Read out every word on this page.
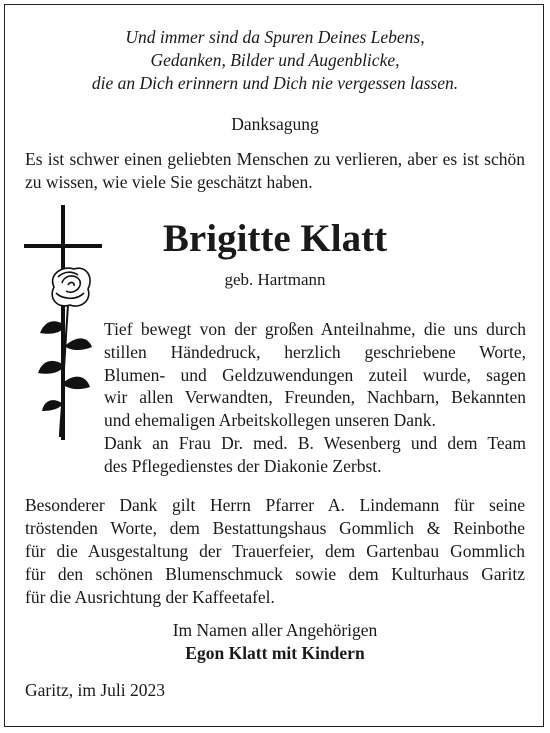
Und immer sind da Spuren Deines Lebens,
Gedanken, Bilder und Augenblicke,
die an Dich erinnern und Dich nie vergessen lassen.
Danksagung
Es ist schwer einen geliebten Menschen zu verlieren, aber es ist schön zu wissen, wie viele Sie geschätzt haben.
Brigitte Klatt
geb. Hartmann
Tief bewegt von der großen Anteilnahme, die uns durch
stillen Händedruck, herzlich geschriebene Worte,
Blumen- und Geldzuwendungen zuteil wurde, sagen
wir allen Verwandten, Freunden, Nachbarn, Bekannten
und ehemaligen Arbeitskollegen unseren Dank.
Dank an Frau Dr. med. B. Wesenberg und dem Team
des Pflegedienstes der Diakonie Zerbst.
Besonderer Dank gilt Herrn Pfarrer A. Lindemann für seine
tröstenden Worte, dem Bestattungshaus Gommlich & Reinbothe
für die Ausgestaltung der Trauerfeier, dem Gartenbau Gommlich
für den schönen Blumenschmuck sowie dem Kulturhaus Garitz
für die Ausrichtung der Kaffeetafel.
Im Namen aller Angehörigen
Egon Klatt mit Kindern
Garitz, im Juli 2023
